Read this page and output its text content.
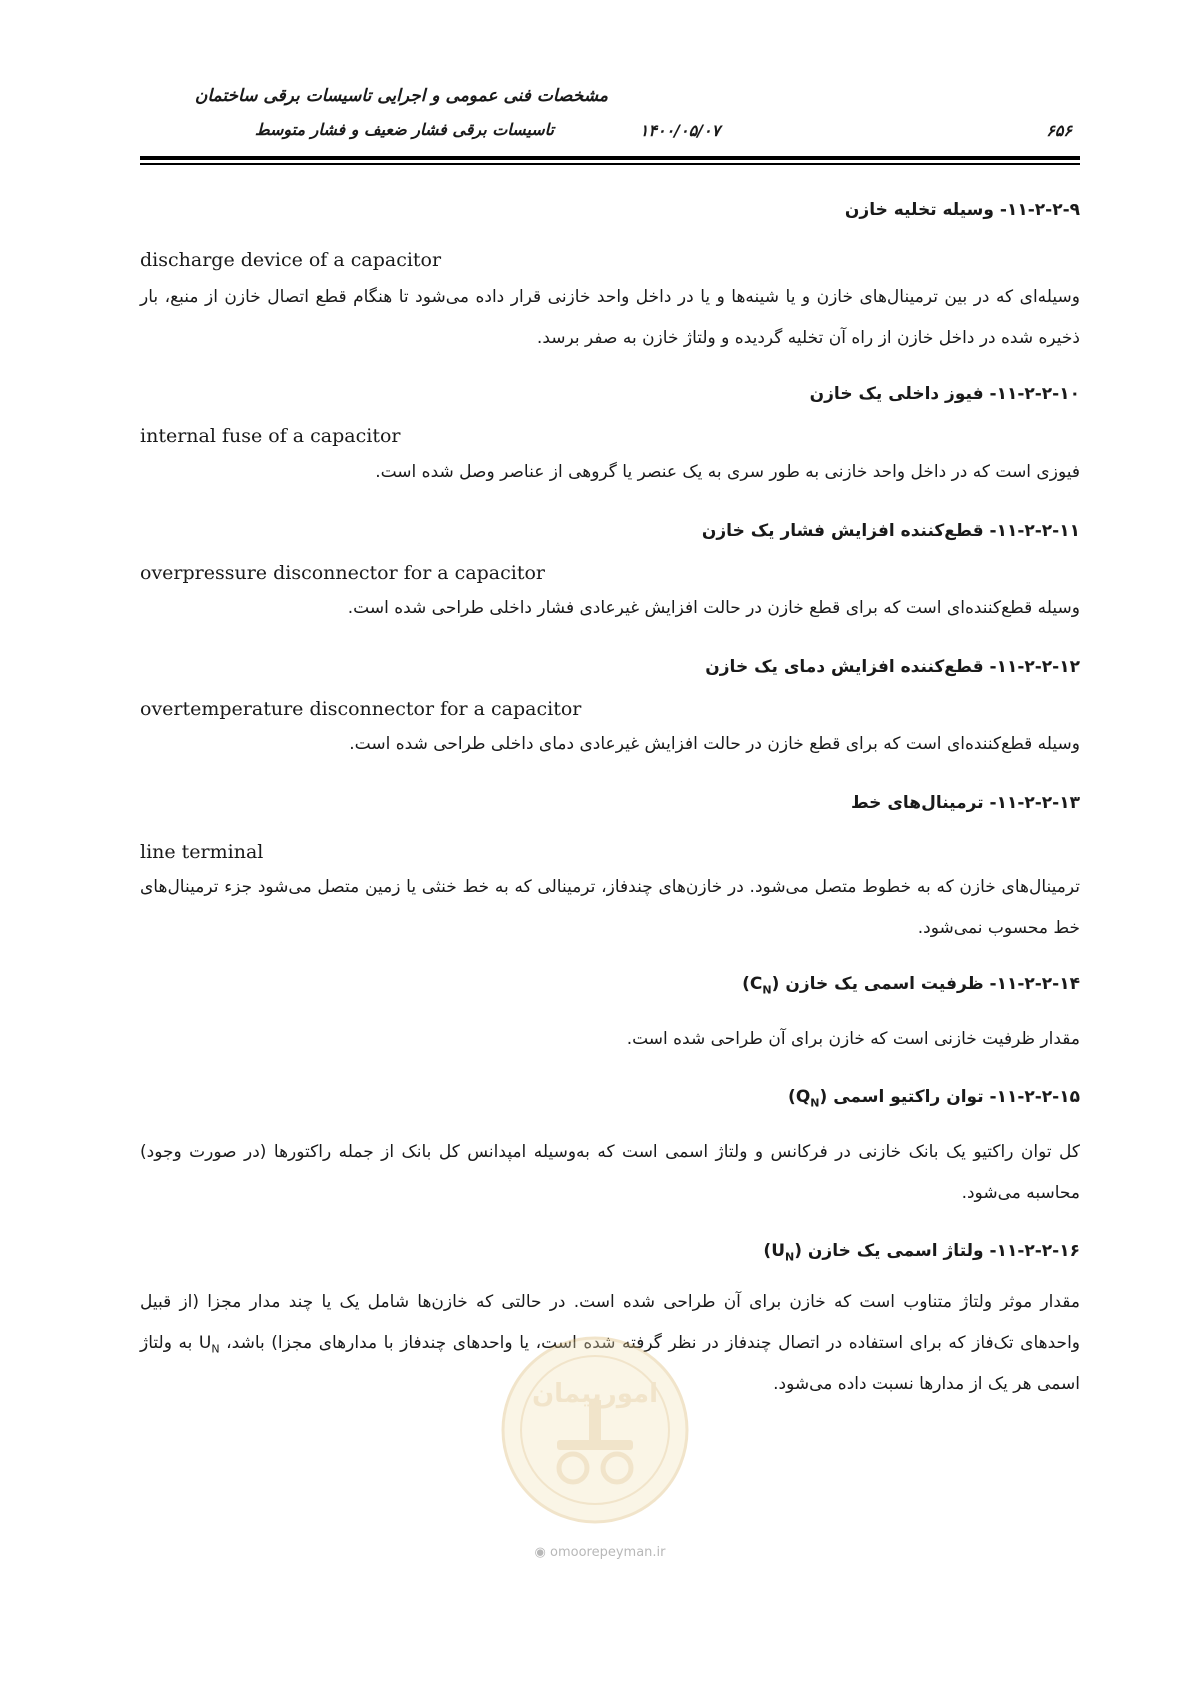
مشخصات فنی عمومی و اجرایی تاسیسات برقی ساختمان
تاسیسات برقی فشار ضعیف و فشار متوسط	۱۴۰۰/۰۵/۰۷	۶۵۶
۱۱-۲-۲-۹- وسیله تخلیه خازن
discharge device of a capacitor
وسیله‌ای که در بین ترمینال‌های خازن و یا شینه‌ها و یا در داخل واحد خازنی قرار داده می‌شود تا هنگام قطع اتصال خازن از منبع، بار ذخیره شده در داخل خازن از راه آن تخلیه گردیده و ولتاژ خازن به صفر برسد.
۱۱-۲-۲-۱۰- فیوز داخلی یک خازن
internal fuse of a capacitor
فیوزی است که در داخل واحد خازنی به طور سری به یک عنصر یا گروهی از عناصر وصل شده است.
۱۱-۲-۲-۱۱- قطع‌کننده افزایش فشار یک خازن
overpressure disconnector for a capacitor
وسیله قطع‌کننده‌ای است که برای قطع خازن در حالت افزایش غیرعادی فشار داخلی طراحی شده است.
۱۱-۲-۲-۱۲- قطع‌کننده افزایش دمای یک خازن
overtemperature disconnector for a capacitor
وسیله قطع‌کننده‌ای است که برای قطع خازن در حالت افزایش غیرعادی دمای داخلی طراحی شده است.
۱۱-۲-۲-۱۳- ترمینال‌های خط
line terminal
ترمینال‌های خازن که به خطوط متصل می‌شود. در خازن‌های چندفاز، ترمینالی که به خط خنثی یا زمین متصل می‌شود جزء ترمینال‌های خط محسوب نمی‌شود.
۱۱-۲-۲-۱۴- ظرفیت اسمی یک خازن $(C_N)$
مقدار ظرفیت خازنی است که خازن برای آن طراحی شده است.
۱۱-۲-۲-۱۵- توان راکتیو اسمی $(Q_N)$
کل توان راکتیو یک بانک خازنی در فرکانس و ولتاژ اسمی است که به‌وسیله امپدانس کل بانک از جمله راکتورها (در صورت وجود) محاسبه می‌شود.
۱۱-۲-۲-۱۶- ولتاژ اسمی یک خازن $(U_N)$
مقدار موثر ولتاژ متناوب است که خازن برای آن طراحی شده است. در حالتی که خازن‌ها شامل یک یا چند مدار مجزا (از قبیل واحدهای تک‌فاز که برای استفاده در اتصال چندفاز در نظر گرفته شده است، یا واحدهای چندفاز با مدارهای مجزا) باشد، $U_N$ به ولتاژ اسمی هر یک از مدارها نسبت داده می‌شود.
امورپیمان
◉ omoorepeyman.ir
